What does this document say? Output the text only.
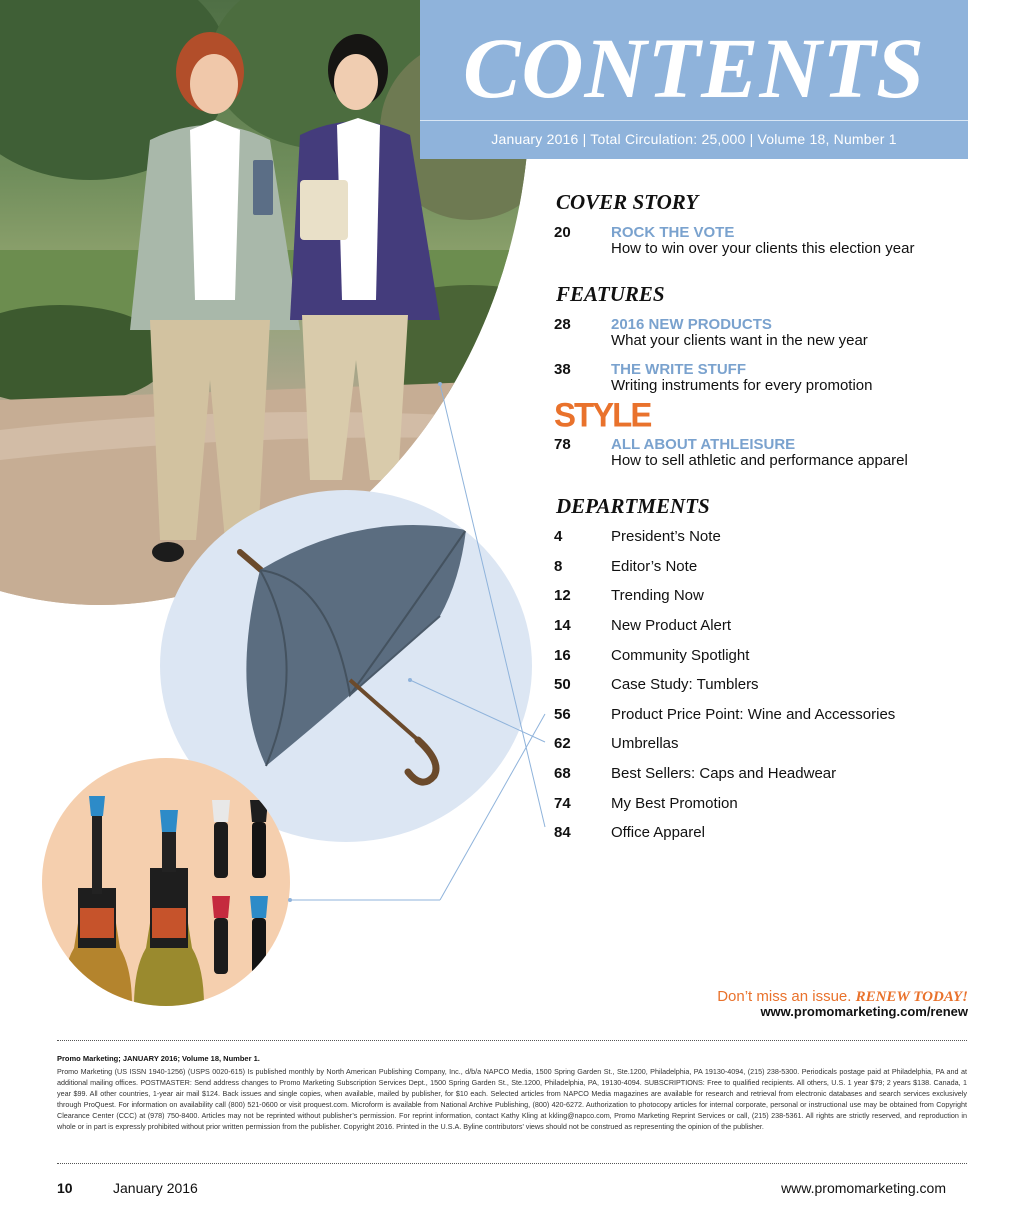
CONTENTS
January 2016 | Total Circulation: 25,000 | Volume 18, Number 1
COVER STORY
20	ROCK THE VOTE
How to win over your clients this election year
FEATURES
28	2016 NEW PRODUCTS
What your clients want in the new year
38	THE WRITE STUFF
Writing instruments for every promotion
STYLE
78	ALL ABOUT ATHLEISURE
How to sell athletic and performance apparel
DEPARTMENTS
4	President’s Note
8	Editor’s Note
12	Trending Now
14	New Product Alert
16	Community Spotlight
50	Case Study: Tumblers
56	Product Price Point: Wine and Accessories
62	Umbrellas
68	Best Sellers: Caps and Headwear
74	My Best Promotion
84	Office Apparel
Don’t miss an issue. RENEW TODAY!
www.promomarketing.com/renew
Promo Marketing; JANUARY 2016; Volume 18, Number 1.
Promo Marketing (US ISSN 1940-1256) (USPS 0020-615) Is published monthly by North American Publishing Company, Inc., d/b/a NAPCO Media, 1500 Spring Garden St., Ste.1200, Philadelphia, PA 19130-4094, (215) 238-5300. Periodicals postage paid at Philadelphia, PA and at additional mailing offices. POSTMASTER: Send address changes to Promo Marketing Subscription Services Dept., 1500 Spring Garden St., Ste.1200, Philadelphia, PA, 19130-4094. SUBSCRIPTIONS: Free to qualified recipients. All others, U.S. 1 year $79; 2 years $138. Canada, 1 year $99. All other countries, 1-year air mail $124. Back issues and single copies, when available, mailed by publisher, for $10 each. Selected articles from NAPCO Media magazines are available for research and retrieval from electronic databases and search services exclusively through ProQuest. For information on availability call (800) 521-0600 or visit proquest.com. Microform is available from National Archive Publishing, (800) 420-6272. Authorization to photocopy articles for internal corporate, personal or instructional use may be obtained from Copyright Clearance Center (CCC) at (978) 750-8400. Articles may not be reprinted without publisher’s permission. For reprint information, contact Kathy Kling at kkling@napco.com, Promo Marketing Reprint Services or call, (215) 238-5361. All rights are strictly reserved, and reproduction in whole or in part is expressly prohibited without prior written permission from the publisher. Copyright 2016. Printed in the U.S.A. Byline contributors’ views should not be construed as representing the opinion of the publisher.
10	January 2016	www.promomarketing.com
